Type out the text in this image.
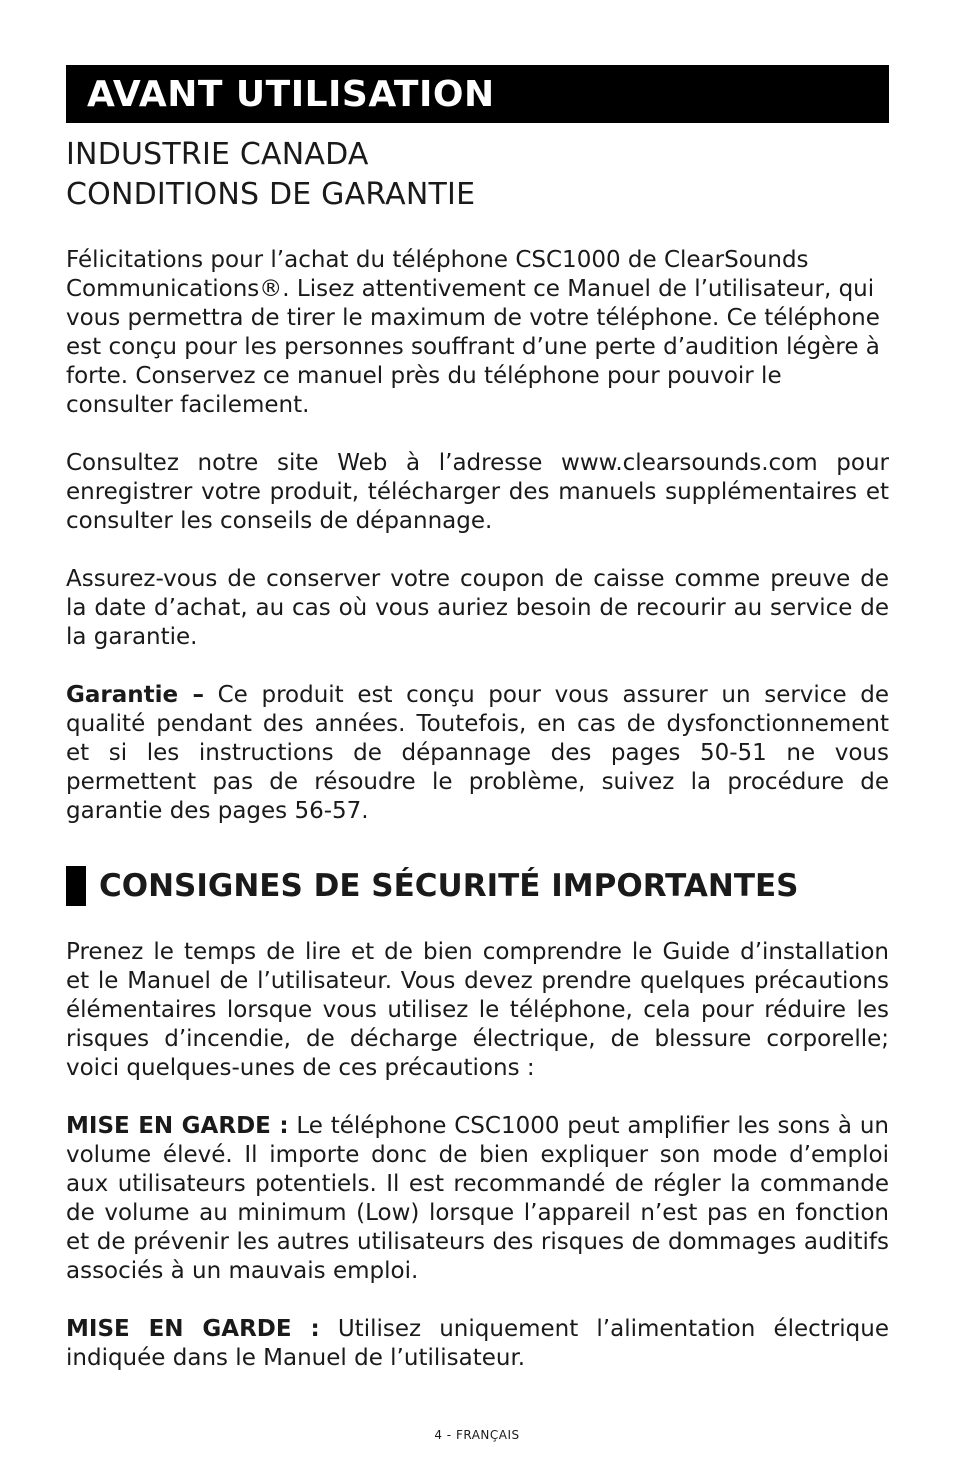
AVANT UTILISATION
INDUSTRIE CANADA
CONDITIONS DE GARANTIE

Félicitations pour l’achat du téléphone CSC1000 de ClearSounds Communications®. Lisez attentivement ce Manuel de l’utilisateur, qui vous permettra de tirer le maximum de votre téléphone. Ce téléphone est conçu pour les personnes souffrant d’une perte d’audition légère à forte. Conservez ce manuel près du téléphone pour pouvoir le consulter facilement.

Consultez notre site Web à l’adresse www.clearsounds.com pour enregistrer votre produit, télécharger des manuels supplémentaires et consulter les conseils de dépannage.

Assurez-vous de conserver votre coupon de caisse comme preuve de la date d’achat, au cas où vous auriez besoin de recourir au service de la garantie.

Garantie – Ce produit est conçu pour vous assurer un service de qualité pendant des années. Toutefois, en cas de dysfonctionnement et si les instructions de dépannage des pages 50-51 ne vous permettent pas de résoudre le problème, suivez la procédure de garantie des pages 56-57.

CONSIGNES DE SÉCURITÉ IMPORTANTES

Prenez le temps de lire et de bien comprendre le Guide d’installation et le Manuel de l’utilisateur. Vous devez prendre quelques précautions élémentaires lorsque vous utilisez le téléphone, cela pour réduire les risques d’incendie, de décharge électrique, de blessure corporelle; voici quelques-unes de ces précautions :

MISE EN GARDE : Le téléphone CSC1000 peut amplifier les sons à un volume élevé. Il importe donc de bien expliquer son mode d’emploi aux utilisateurs potentiels. Il est recommandé de régler la commande de volume au minimum (Low) lorsque l’appareil n’est pas en fonction et de prévenir les autres utilisateurs des risques de dommages auditifs associés à un mauvais emploi.

MISE EN GARDE : Utilisez uniquement l’alimentation électrique indiquée dans le Manuel de l’utilisateur.

4 - FRANÇAIS
